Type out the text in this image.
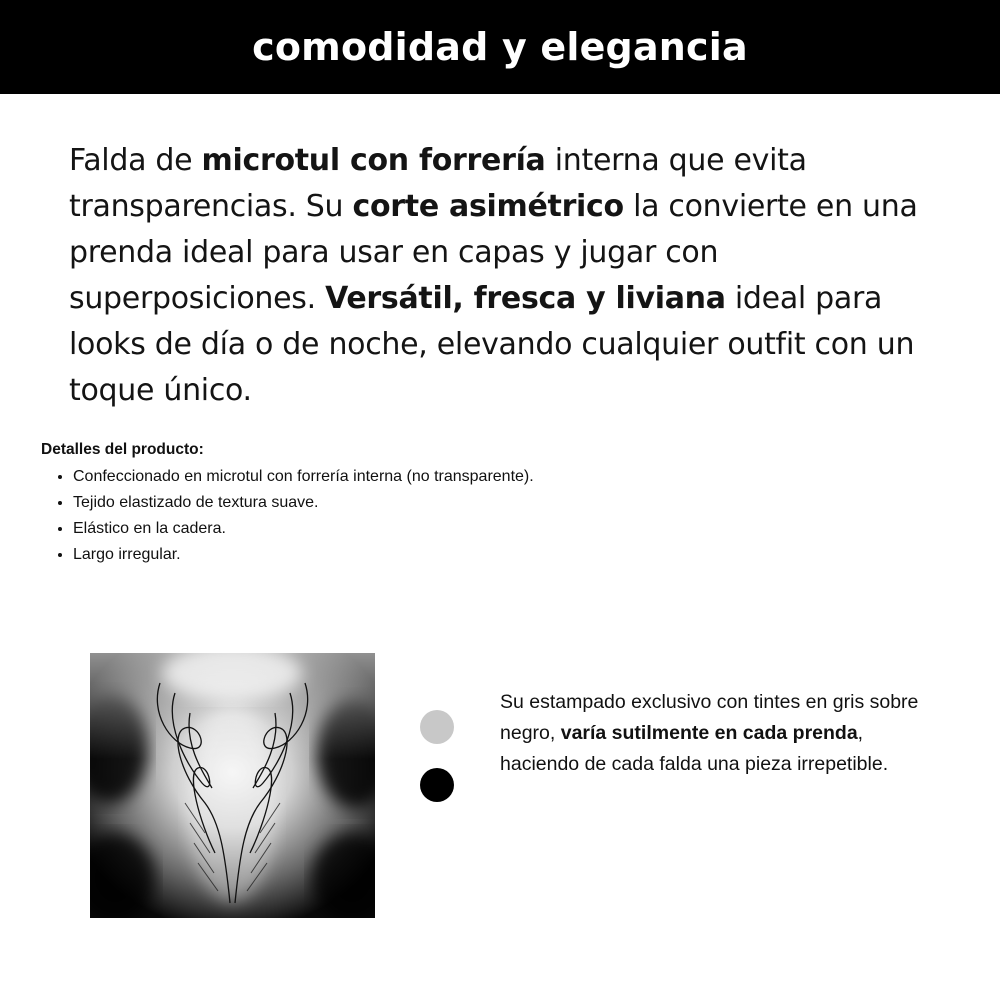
comodidad y elegancia
Falda de microtul con forrería interna que evita transparencias. Su corte asimétrico la convierte en una prenda ideal para usar en capas y jugar con superposiciones. Versátil, fresca y liviana ideal para looks de día o de noche, elevando cualquier outfit con un toque único.
Detalles del producto:
• Confeccionado en microtul con forrería interna (no transparente).
• Tejido elastizado de textura suave.
• Elástico en la cadera.
• Largo irregular.
Su estampado exclusivo con tintes en gris sobre negro, varía sutilmente en cada prenda, haciendo de cada falda una pieza irrepetible.
